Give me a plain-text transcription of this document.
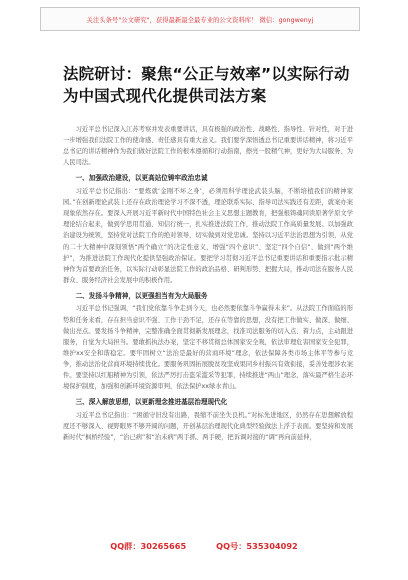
关注头条号"公文研究"，获得最新最全最专业的公文资料库！ 微信：gongwenyj
法院研讨：聚焦“公正与效率”以实际行动为中国式现代化提供司法方案

习近平总书记深入江苏考察并发表重要讲话，具有极强的政治性、战略性、指导性、针对性，对于进一步增强我们法院工作的使命感、责任感具有重大意义。我们要学深悟透总书记重要讲话精神，将习近平总书记的讲话精神作为我们做好法院工作的根本遵循和行动指南，擦亮一股精气神，更好为大局服务、为人民司法。

一、加强政治建设，以更高站位铸牢政治忠诚

习近平总书记指出：“要炼就‘金刚不坏之身’，必须用科学理论武装头脑，不断培植我们的精神家园。”在创新理论武装上还存在政治理论学习不深不透，理论联系实际、指导司法实践还有差距，就案办案现象依然存在。要深入开展习近平新时代中国特色社会主义思想主题教育，把强根铸魂同读原著学原文学理论结合起来，做到学思用贯通、知信行统一，扎实推进法院工作，推动法院工作高质量发展。以加强政治建设为统领，坚持党对法院工作的绝对领导，切实做到对党忠诚。坚持以习近平法治思想为引领，从党的二十大精神中深刻领悟“两个确立”的决定性意义，增强“四个意识”、坚定“四个自信”、做到“两个维护”，为推进法院工作现代化提供坚强政治保证。要把学习贯彻习近平总书记重要讲话和重要指示批示精神作为首要政治任务，以实际行动彰显法院工作的政治品格、研判形势、把握大局，推动司法在服务人民群众、服务经济社会发展中的积极作用。

二、发扬斗争精神，以更强担当有为大局服务

习近平总书记强调，“我们党依靠斗争走到今天，也必然要依靠斗争赢得未来”。从法院工作面临的形势和任务来看，存在担当意识不强、工作干劲不足，还存在等靠的思想，没有把工作做实、做深、做细、做出亮点。要发扬斗争精神，完整准确全面贯彻新发展理念，找准司法服务的切入点、着力点，主动跟进服务，自觉为大局担当。要敢抓执法办案，坚定不移贯彻总体国家安全观，依法审理危害国家安全犯罪，维护xx安全和谐稳定。要牢固树立“法治是最好的营商环境”理念，依法保障各类市场主体平等参与竞争，推动法治化营商环境持续优化。要服务巩固拓展脱贫攻坚成果同乡村振兴有效衔接，妥善处理涉农案件。要坚持以红船精神为引领，依法严厉打击盗采滥采等犯罪，持续推进“两山”理念，落实最严格生态环境保护制度，加强和创新环境资源审判，依法保护xx绿水青山。

三、深入解放思想，以更新理念推进基层治理现代化

习近平总书记指出：“困循守旧没有出路，畏缩不前坐失良机。”对标先进地区，仍然存在思想解放程度还不够深入、视野眼界不够开阔的问题，开创基层治理现代化典型经验做法上浮于表面。要坚持和发展新时代“枫桥经验”，“治已病”和“治未病”两手抓、两手硬，把诉调对接的“调”再向前延伸，

QQ群：30265665	QQ号：535304092
